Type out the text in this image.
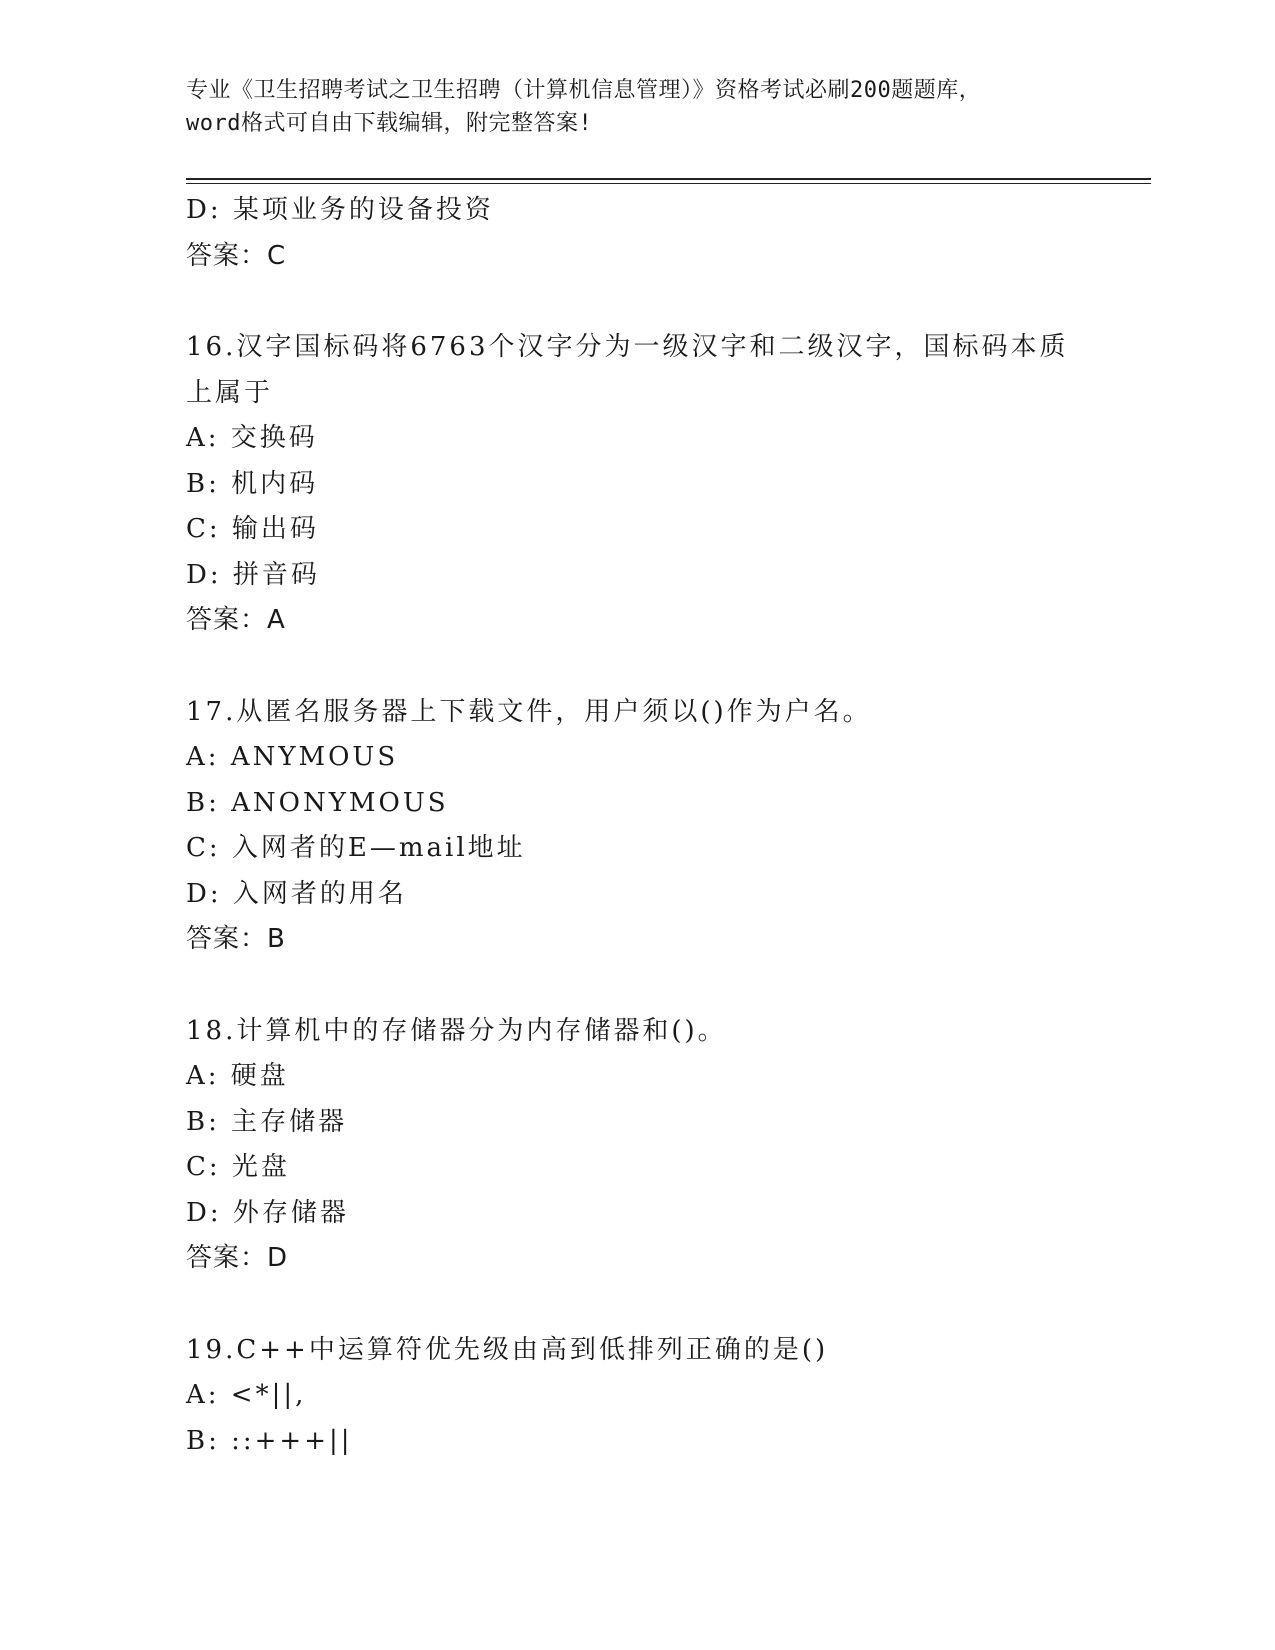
专业《卫生招聘考试之卫生招聘（计算机信息管理）》资格考试必刷200题题库，
word格式可自由下载编辑，附完整答案!
D: 某项业务的设备投资
答案：C
16.汉字国标码将6763个汉字分为一级汉字和二级汉字，国标码本质
上属于
A: 交换码
B: 机内码
C: 输出码
D: 拼音码
答案：A
17.从匿名服务器上下载文件，用户须以()作为户名。
A: ANYMOUS
B: ANONYMOUS
C: 入网者的E—mail地址
D: 入网者的用名
答案：B
18.计算机中的存储器分为内存储器和()。
A: 硬盘
B: 主存储器
C: 光盘
D: 外存储器
答案：D
19.C++中运算符优先级由高到低排列正确的是()
A: <*||,
B: ::+++||
